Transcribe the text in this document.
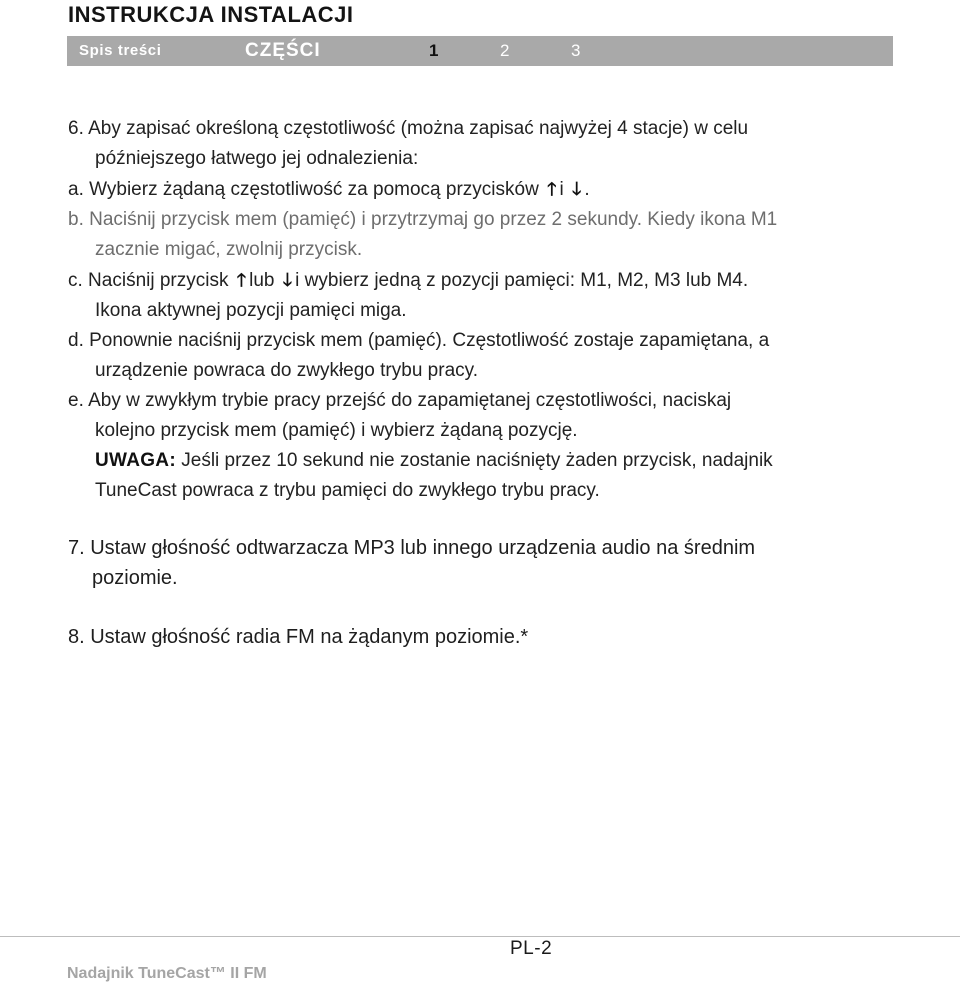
INSTRUKCJA INSTALACJI
Spis treści	CZĘŚCI	1	2	3
6. Aby zapisać określoną częstotliwość (można zapisać najwyżej 4 stacje) w celu
późniejszego łatwego jej odnalezienia:
a. Wybierz żądaną częstotliwość za pomocą przycisków 🡑 i 🡓 .
b. Naciśnij przycisk mem (pamięć) i przytrzymaj go przez 2 sekundy. Kiedy ikona M1
zacznie migać, zwolnij przycisk.
c. Naciśnij przycisk 🡑 lub 🡓 i wybierz jedną z pozycji pamięci: M1, M2, M3 lub M4.
Ikona aktywnej pozycji pamięci miga.
d. Ponownie naciśnij przycisk mem (pamięć). Częstotliwość zostaje zapamiętana, a
urządzenie powraca do zwykłego trybu pracy.
e. Aby w zwykłym trybie pracy przejść do zapamiętanej częstotliwości, naciskaj
kolejno przycisk mem (pamięć) i wybierz żądaną pozycję.
UWAGA: Jeśli przez 10 sekund nie zostanie naciśnięty żaden przycisk, nadajnik
TuneCast powraca z trybu pamięci do zwykłego trybu pracy.
7. Ustaw głośność odtwarzacza MP3 lub innego urządzenia audio na średnim
poziomie.
8. Ustaw głośność radia FM na żądanym poziomie.*
PL-2
Nadajnik TuneCast™ II FM
